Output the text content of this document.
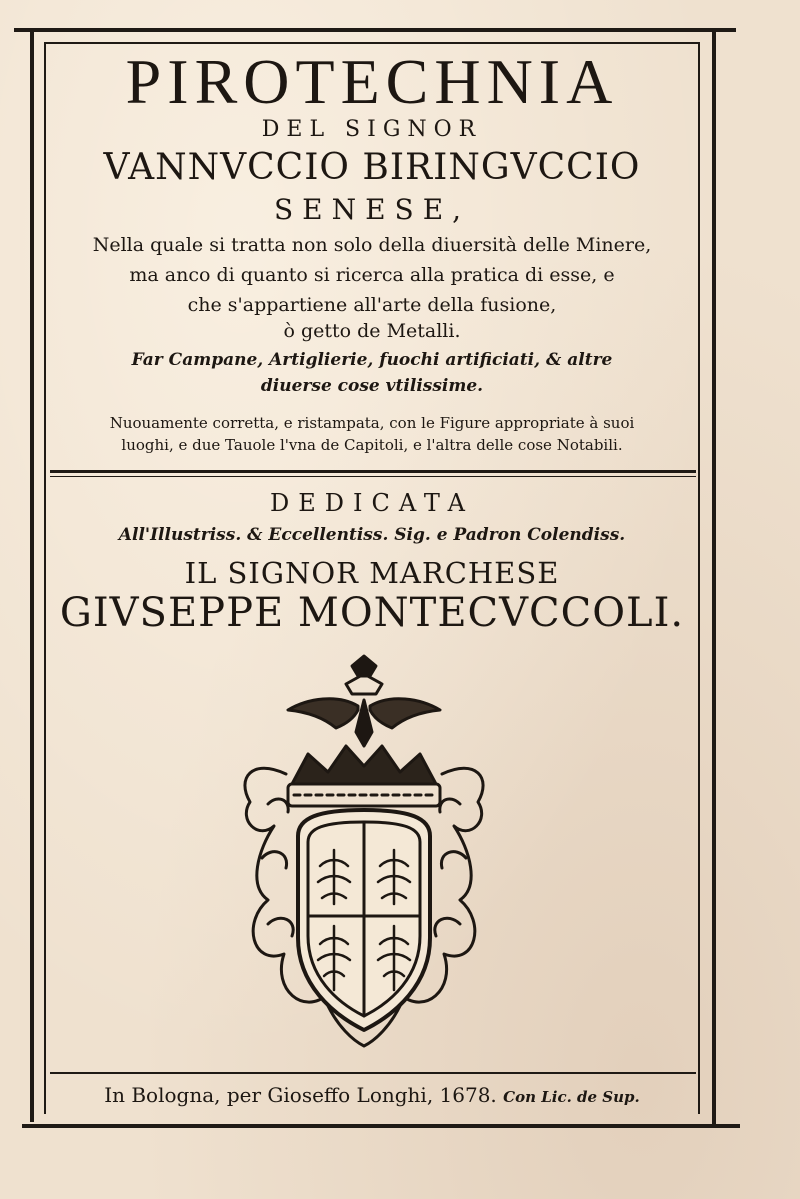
PIROTECHNIA
DEL SIGNOR
VANNVCCIO BIRINGVCCIO
SENESE,
Nella quale si tratta non solo della diuersità delle Minere,
ma anco di quanto si ricerca alla pratica di esse, e
che s'appartiene all'arte della fusione,
ò getto de Metalli.
Far Campane, Artiglierie, fuochi artificiati, & altre
diuerse cose vtilissime.
Nuouamente corretta, e ristampata, con le Figure appropriate à suoi
luoghi, e due Tauole l'vna de Capitoli, e l'altra delle cose Notabili.
DEDICATA
All'Illustriss. & Eccellentiss. Sig. e Padron Colendiss.
IL SIGNOR MARCHESE
GIVSEPPE MONTECVCCOLI.
In Bologna, per Gioseffo Longhi, 1678. Con Lic. de Sup.
